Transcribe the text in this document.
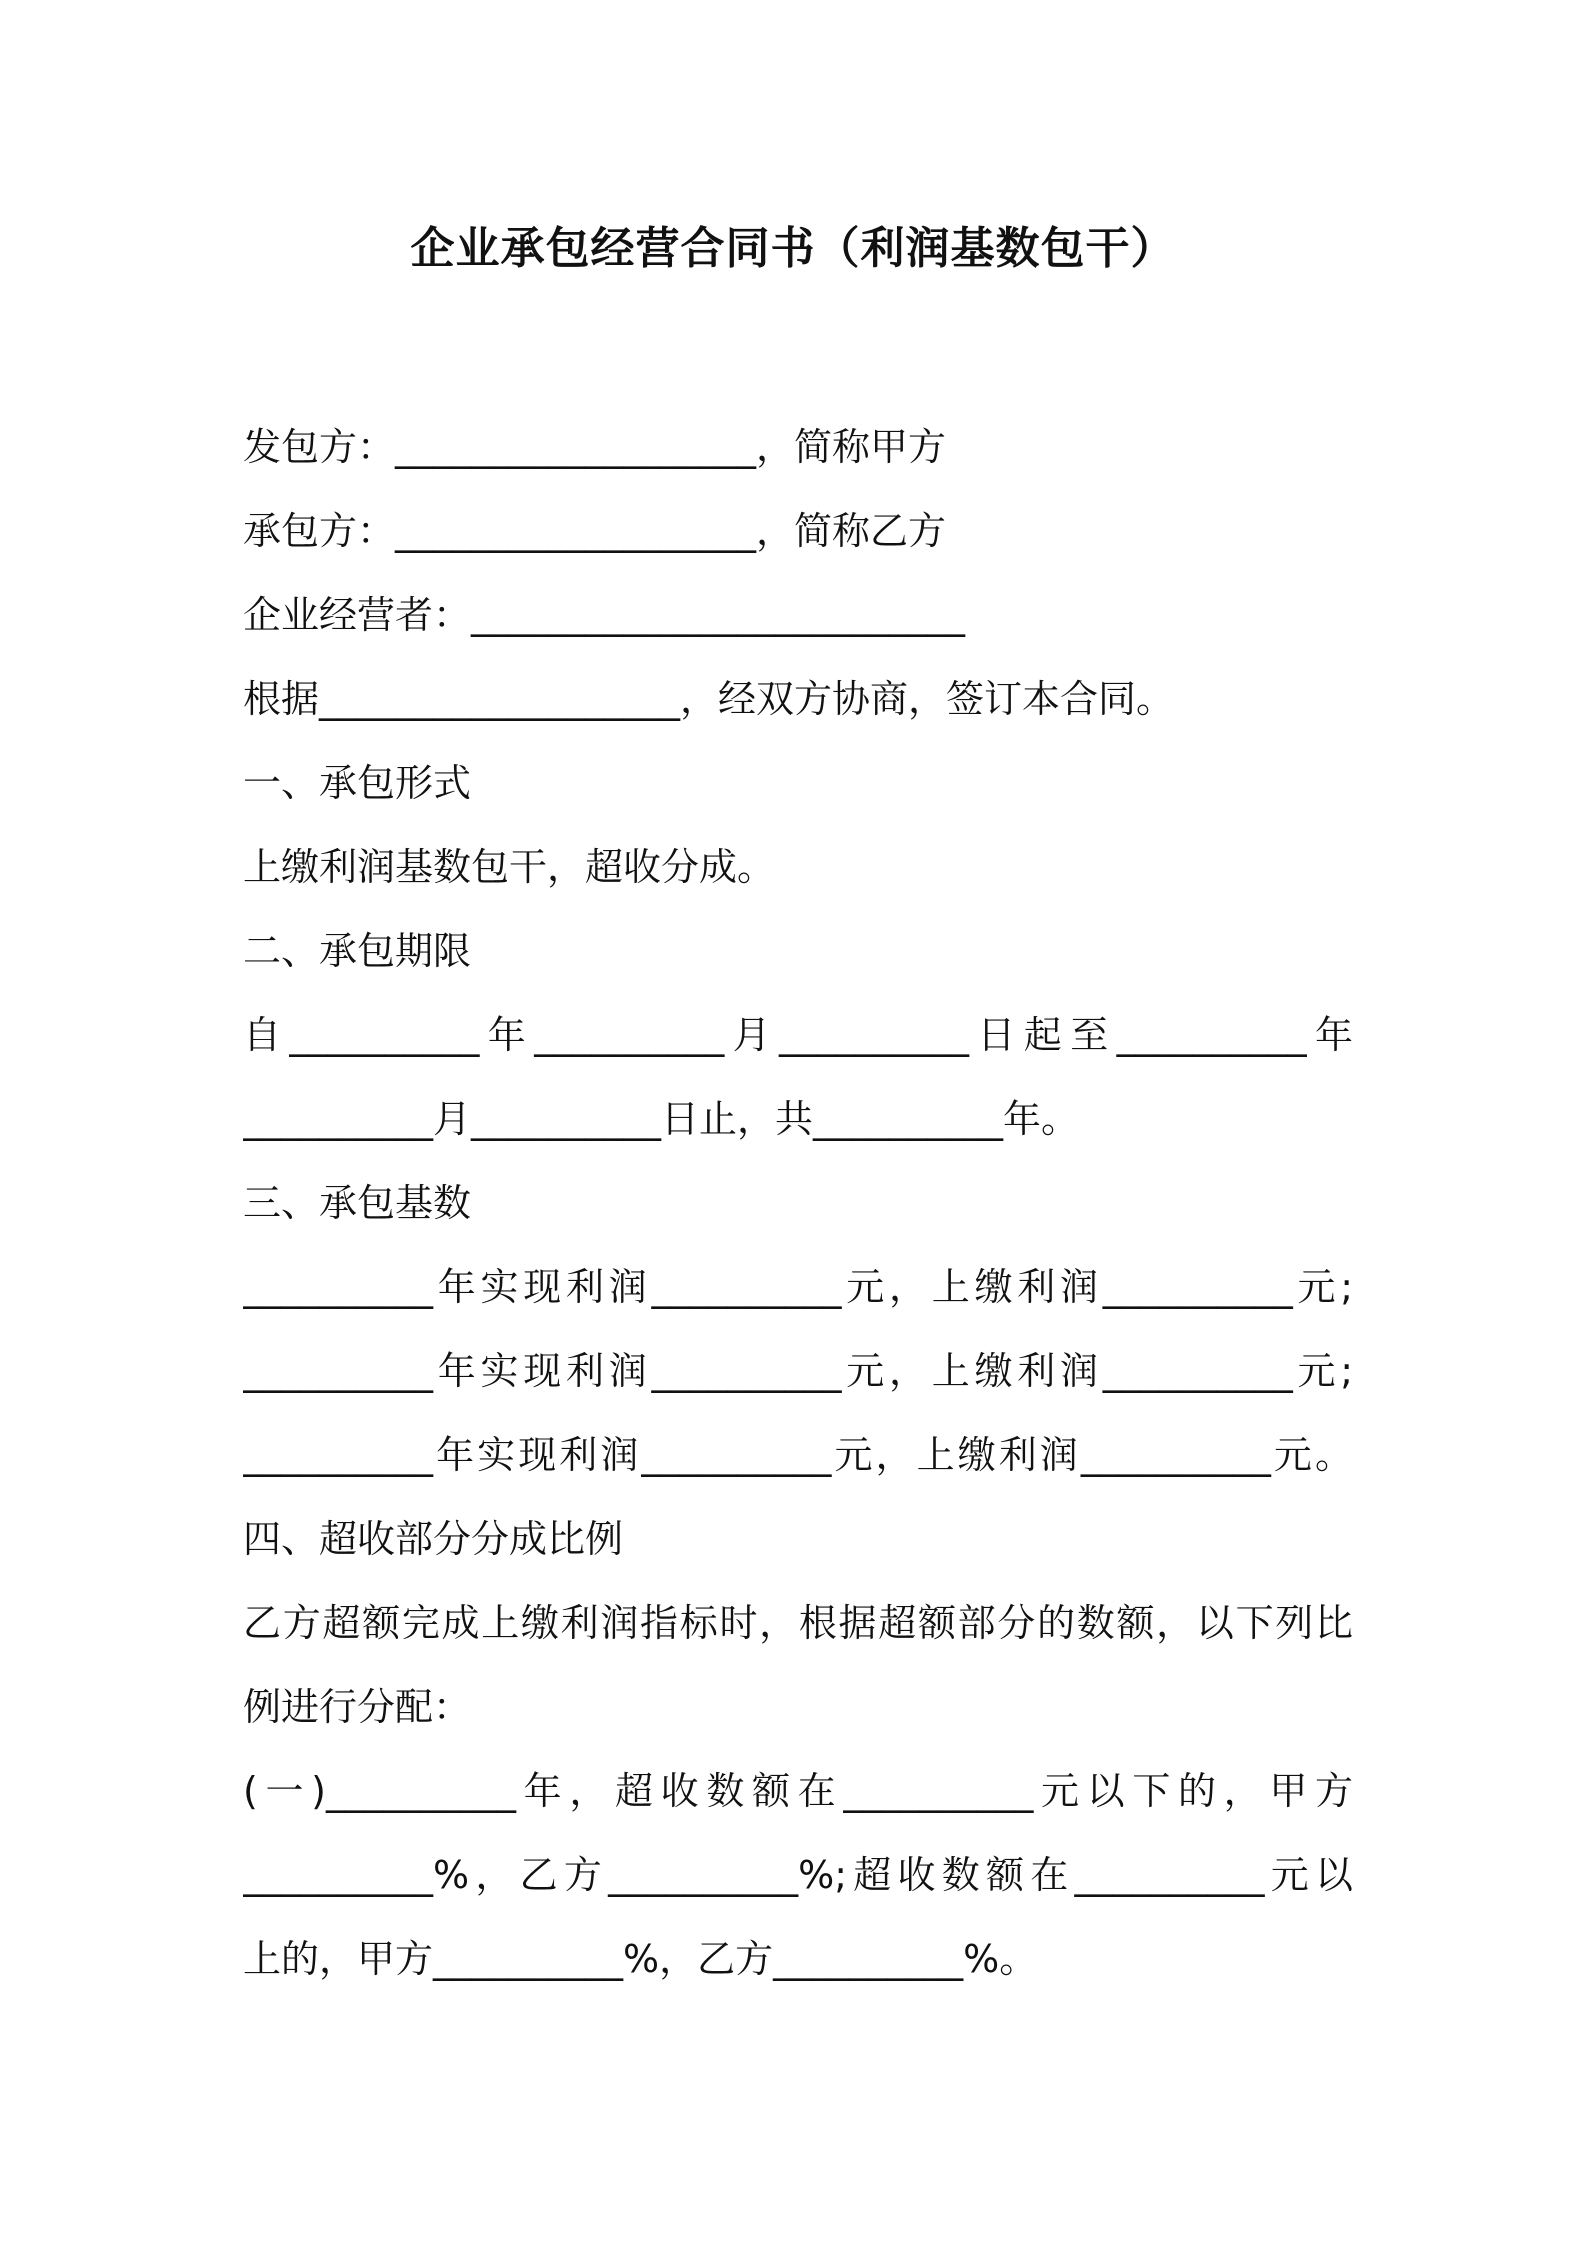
企业承包经营合同书（利润基数包干）
发包方：___________________，简称甲方
承包方：___________________，简称乙方
企业经营者：__________________________
根据___________________，经双方协商，签订本合同。
一、承包形式
上缴利润基数包干，超收分成。
二、承包期限
自__________年__________月__________日起至__________年
__________月__________日止，共__________年。
三、承包基数
__________年实现利润__________元，上缴利润__________元;
__________年实现利润__________元，上缴利润__________元;
__________年实现利润__________元，上缴利润__________元。
四、超收部分分成比例
乙方超额完成上缴利润指标时，根据超额部分的数额，以下列比
例进行分配：
(一)__________年，超收数额在__________元以下的，甲方
__________%，乙方__________%;超收数额在__________元以
上的，甲方__________%，乙方__________%。
